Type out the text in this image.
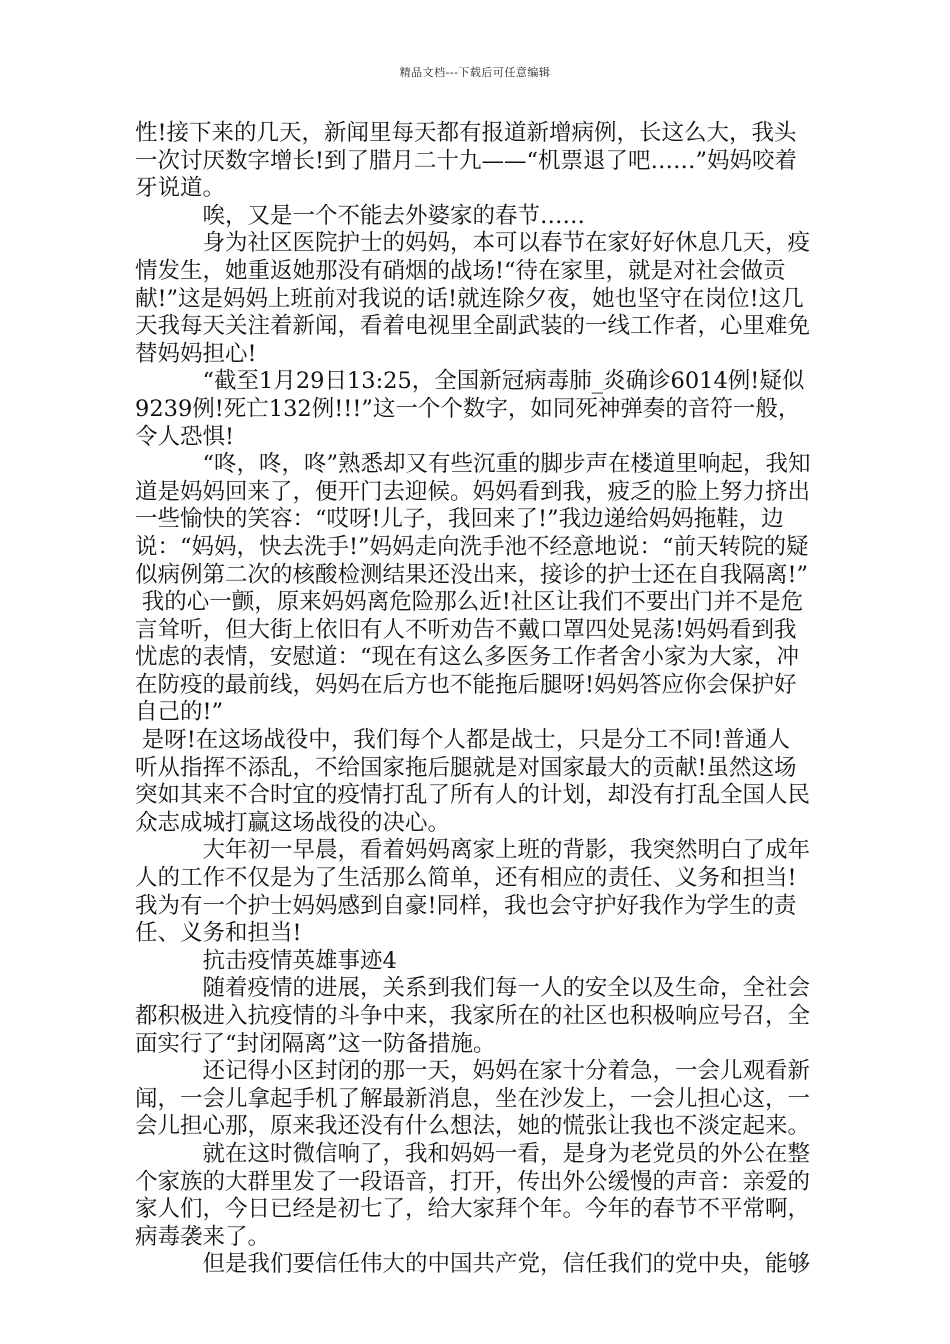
精品文档---下载后可任意编辑

性!接下来的几天，新闻里每天都有报道新增病例，长这么大，我头一次讨厌数字增长!到了腊月二十九——“机票退了吧……”妈妈咬着牙说道。

唉，又是一个不能去外婆家的春节……

身为社区医院护士的妈妈，本可以春节在家好好休息几天，疫情发生，她重返她那没有硝烟的战场!“待在家里，就是对社会做贡献!”这是妈妈上班前对我说的话!就连除夕夜，她也坚守在岗位!这几天我每天关注着新闻，看着电视里全副武装的一线工作者，心里难免替妈妈担心!

“截至1月29日13:25，全国新冠病毒肺_炎确诊6014例!疑似9239例!死亡132例!!!”这一个个数字，如同死神弹奏的音符一般，令人恐惧!

“咚，咚，咚”熟悉却又有些沉重的脚步声在楼道里响起，我知道是妈妈回来了，便开门去迎候。妈妈看到我，疲乏的脸上努力挤出一些愉快的笑容：“哎呀!儿子，我回来了!”我边递给妈妈拖鞋，边说：“妈妈，快去洗手!”妈妈走向洗手池不经意地说：“前天转院的疑似病例第二次的核酸检测结果还没出来，接诊的护士还在自我隔离!”

我的心一颤，原来妈妈离危险那么近!社区让我们不要出门并不是危言耸听，但大街上依旧有人不听劝告不戴口罩四处晃荡!妈妈看到我忧虑的表情，安慰道：“现在有这么多医务工作者舍小家为大家，冲在防疫的最前线，妈妈在后方也不能拖后腿呀!妈妈答应你会保护好自己的!”

是呀!在这场战役中，我们每个人都是战士，只是分工不同!普通人听从指挥不添乱，不给国家拖后腿就是对国家最大的贡献!虽然这场突如其来不合时宜的疫情打乱了所有人的计划，却没有打乱全国人民众志成城打赢这场战役的决心。

大年初一早晨，看着妈妈离家上班的背影，我突然明白了成年人的工作不仅是为了生活那么简单，还有相应的责任、义务和担当!我为有一个护士妈妈感到自豪!同样，我也会守护好我作为学生的责任、义务和担当!

抗击疫情英雄事迹4

随着疫情的进展，关系到我们每一人的安全以及生命，全社会都积极进入抗疫情的斗争中来，我家所在的社区也积极响应号召，全面实行了“封闭隔离”这一防备措施。

还记得小区封闭的那一天，妈妈在家十分着急，一会儿观看新闻，一会儿拿起手机了解最新消息，坐在沙发上，一会儿担心这，一会儿担心那，原来我还没有什么想法，她的慌张让我也不淡定起来。

就在这时微信响了，我和妈妈一看，是身为老党员的外公在整个家族的大群里发了一段语音，打开，传出外公缓慢的声音：亲爱的家人们，今日已经是初七了，给大家拜个年。今年的春节不平常啊，病毒袭来了。

但是我们要信任伟大的中国共产党，信任我们的党中央，能够
